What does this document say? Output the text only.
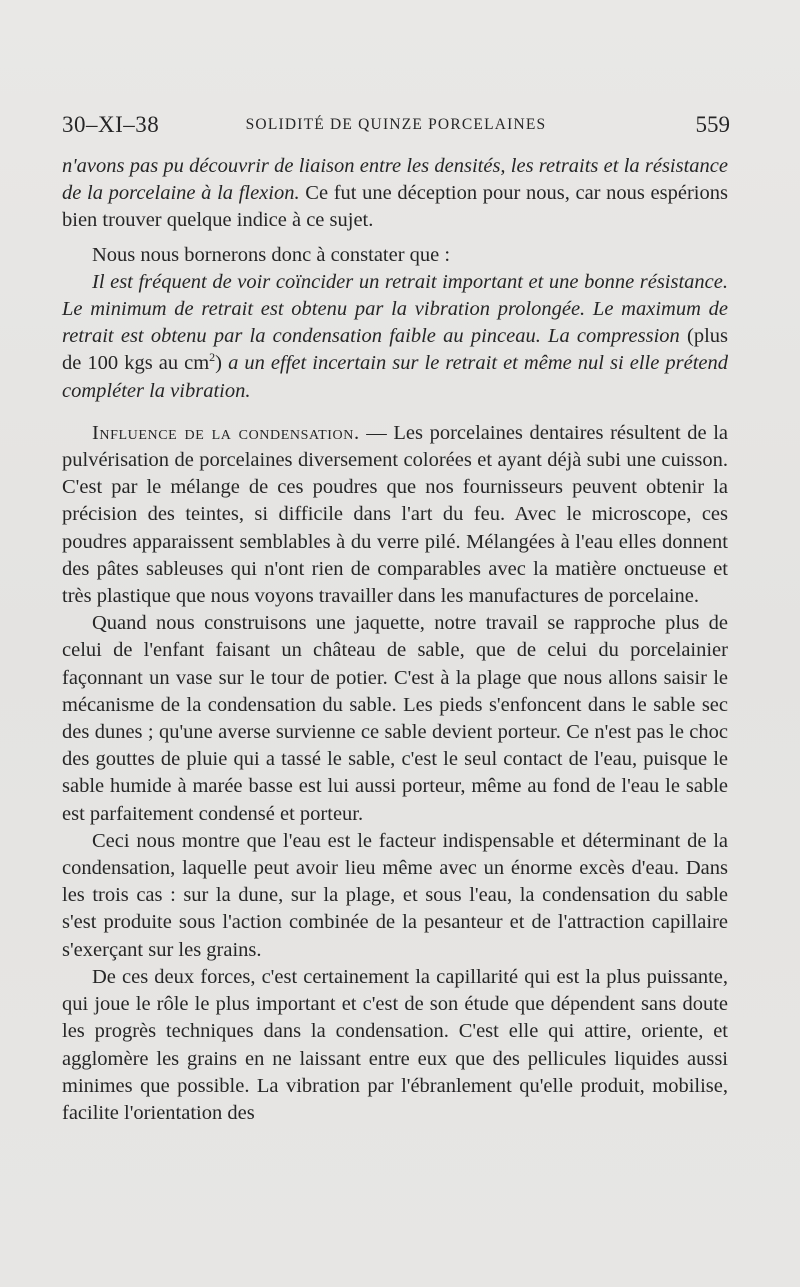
30–XI–38	SOLIDITÉ DE QUINZE PORCELAINES	559

n'avons pas pu découvrir de liaison entre les densités, les retraits et la résistance de la porcelaine à la flexion. Ce fut une déception pour nous, car nous espérions bien trouver quelque indice à ce sujet.

Nous nous bornerons donc à constater que :

Il est fréquent de voir coïncider un retrait important et une bonne résistance. Le minimum de retrait est obtenu par la vibration prolongée. Le maximum de retrait est obtenu par la condensation faible au pinceau. La compression (plus de 100 kgs au $cm^2$) a un effet incertain sur le retrait et même nul si elle prétend compléter la vibration.

Influence de la condensation. — Les porcelaines dentaires résultent de la pulvérisation de porcelaines diversement colorées et ayant déjà subi une cuisson. C'est par le mélange de ces poudres que nos fournisseurs peuvent obtenir la précision des teintes, si difficile dans l'art du feu. Avec le microscope, ces poudres apparaissent semblables à du verre pilé. Mélangées à l'eau elles donnent des pâtes sableuses qui n'ont rien de comparables avec la matière onctueuse et très plastique que nous voyons travailler dans les manufactures de porcelaine.

Quand nous construisons une jaquette, notre travail se rapproche plus de celui de l'enfant faisant un château de sable, que de celui du porcelainier façonnant un vase sur le tour de potier. C'est à la plage que nous allons saisir le mécanisme de la condensation du sable. Les pieds s'enfoncent dans le sable sec des dunes ; qu'une averse survienne ce sable devient porteur. Ce n'est pas le choc des gouttes de pluie qui a tassé le sable, c'est le seul contact de l'eau, puisque le sable humide à marée basse est lui aussi porteur, même au fond de l'eau le sable est parfaitement condensé et porteur.

Ceci nous montre que l'eau est le facteur indispensable et déterminant de la condensation, laquelle peut avoir lieu même avec un énorme excès d'eau. Dans les trois cas : sur la dune, sur la plage, et sous l'eau, la condensation du sable s'est produite sous l'action combinée de la pesanteur et de l'attraction capillaire s'exerçant sur les grains.

De ces deux forces, c'est certainement la capillarité qui est la plus puissante, qui joue le rôle le plus important et c'est de son étude que dépendent sans doute les progrès techniques dans la condensation. C'est elle qui attire, oriente, et agglomère les grains en ne laissant entre eux que des pellicules liquides aussi minimes que possible. La vibration par l'ébranlement qu'elle produit, mobilise, facilite l'orientation des
